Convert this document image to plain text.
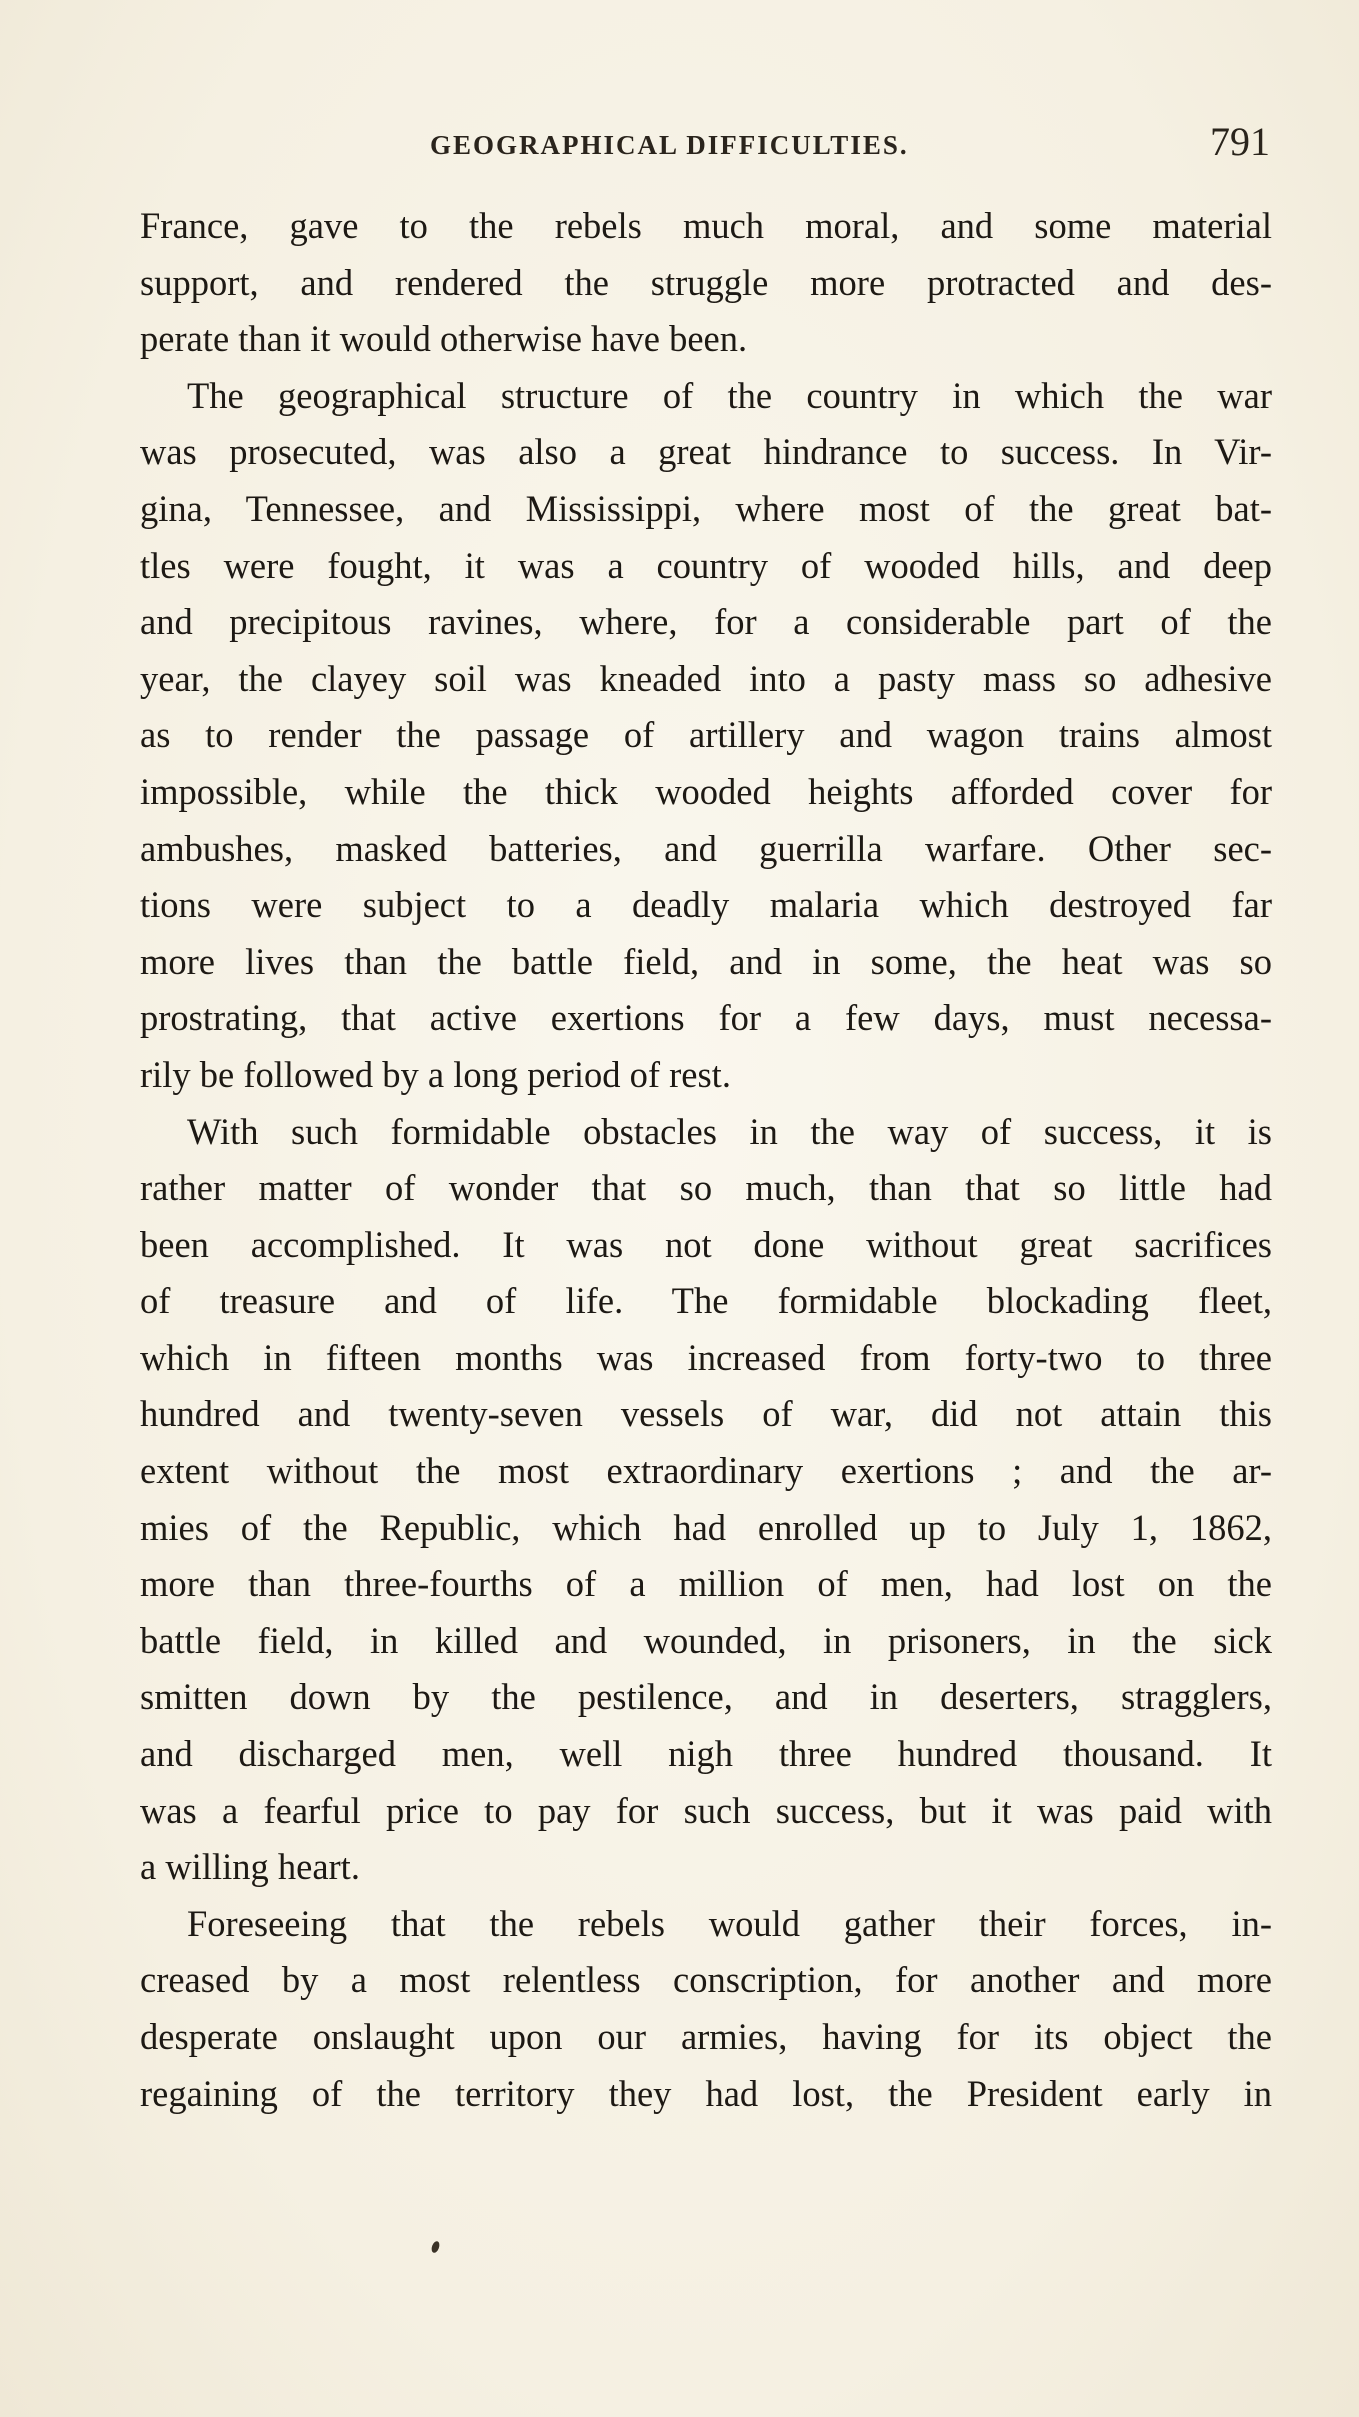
GEOGRAPHICAL DIFFICULTIES.	791
France, gave to the rebels much moral, and some material
support, and rendered the struggle more protracted and des-
perate than it would otherwise have been.
The geographical structure of the country in which the war
was prosecuted, was also a great hindrance to success. In Vir-
gina, Tennessee, and Mississippi, where most of the great bat-
tles were fought, it was a country of wooded hills, and deep
and precipitous ravines, where, for a considerable part of the
year, the clayey soil was kneaded into a pasty mass so adhesive
as to render the passage of artillery and wagon trains almost
impossible, while the thick wooded heights afforded cover for
ambushes, masked batteries, and guerrilla warfare. Other sec-
tions were subject to a deadly malaria which destroyed far
more lives than the battle field, and in some, the heat was so
prostrating, that active exertions for a few days, must necessa-
rily be followed by a long period of rest.
With such formidable obstacles in the way of success, it is
rather matter of wonder that so much, than that so little had
been accomplished. It was not done without great sacrifices
of treasure and of life. The formidable blockading fleet,
which in fifteen months was increased from forty-two to three
hundred and twenty-seven vessels of war, did not attain this
extent without the most extraordinary exertions ; and the ar-
mies of the Republic, which had enrolled up to July 1, 1862,
more than three-fourths of a million of men, had lost on the
battle field, in killed and wounded, in prisoners, in the sick
smitten down by the pestilence, and in deserters, stragglers,
and discharged men, well nigh three hundred thousand. It
was a fearful price to pay for such success, but it was paid with
a willing heart.
Foreseeing that the rebels would gather their forces, in-
creased by a most relentless conscription, for another and more
desperate onslaught upon our armies, having for its object the
regaining of the territory they had lost, the President early in
